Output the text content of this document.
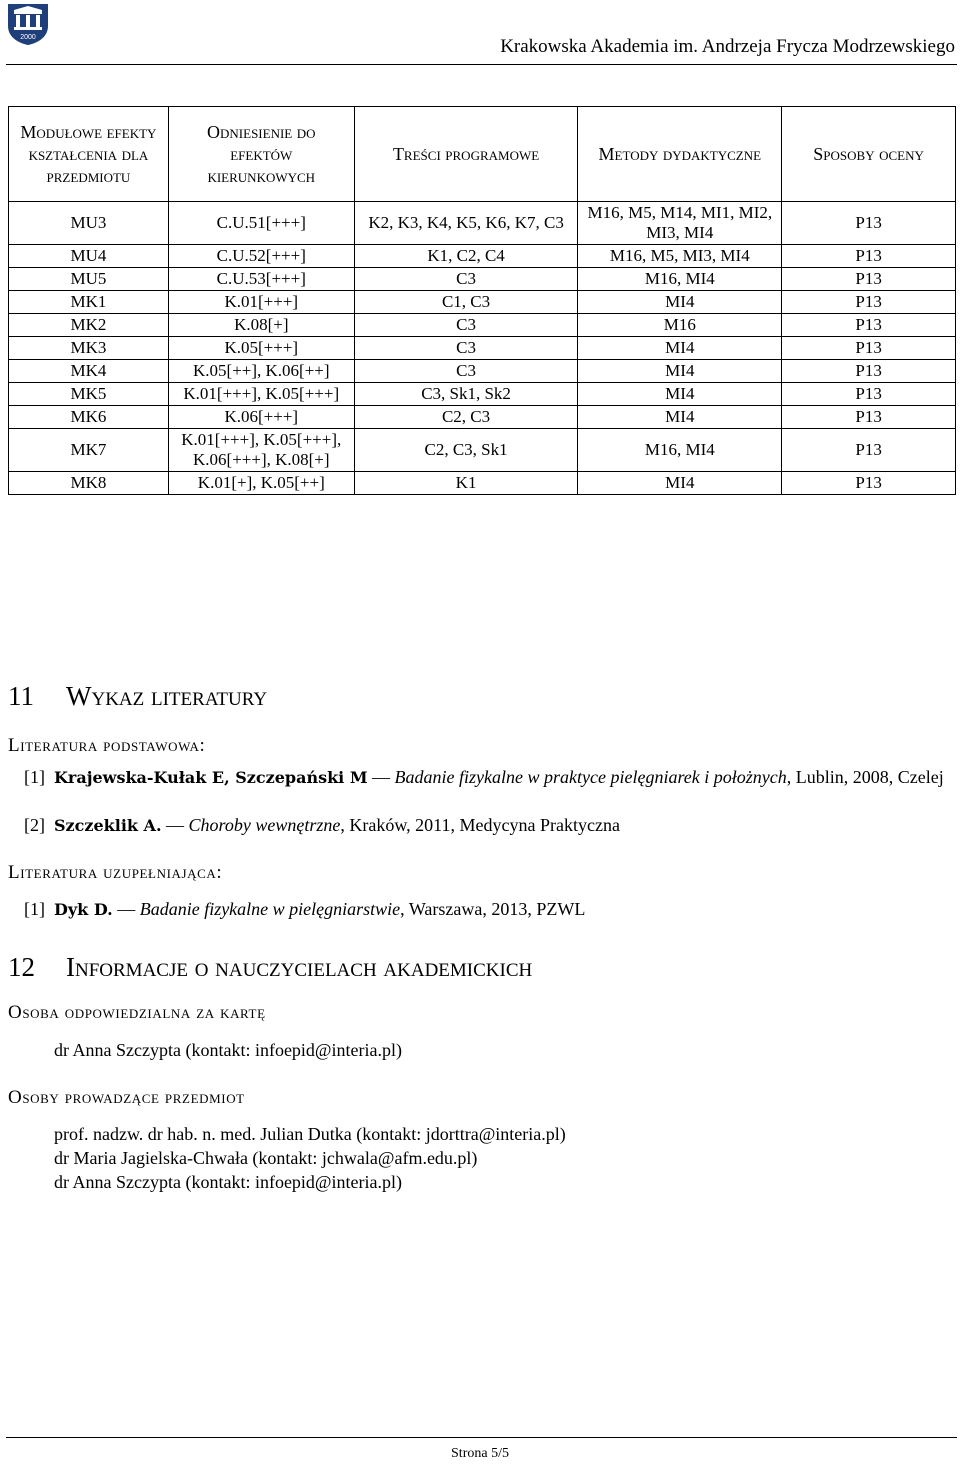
2000	Krakowska Akademia im. Andrzeja Frycza Modrzewskiego
Modułowe efekty kształcenia dla przedmiotu	Odniesienie do efektów kierunkowych	Treści programowe	Metody dydaktyczne	Sposoby oceny
MU3	C.U.51[+++]	K2, K3, K4, K5, K6, K7, C3	M16, M5, M14, MI1, MI2, MI3, MI4	P13
MU4	C.U.52[+++]	K1, C2, C4	M16, M5, MI3, MI4	P13
MU5	C.U.53[+++]	C3	M16, MI4	P13
MK1	K.01[+++]	C1, C3	MI4	P13
MK2	K.08[+]	C3	M16	P13
MK3	K.05[+++]	C3	MI4	P13
MK4	K.05[++], K.06[++]	C3	MI4	P13
MK5	K.01[+++], K.05[+++]	C3, Sk1, Sk2	MI4	P13
MK6	K.06[+++]	C2, C3	MI4	P13
MK7	K.01[+++], K.05[+++], K.06[+++], K.08[+]	C2, C3, Sk1	M16, MI4	P13
MK8	K.01[+], K.05[++]	K1	MI4	P13
11 Wykaz literatury
Literatura podstawowa:
[1] Krajewska-Kułak E, Szczepański M — Badanie fizykalne w praktyce pielęgniarek i położnych, Lublin, 2008, Czelej
[2] Szczeklik A. — Choroby wewnętrzne, Kraków, 2011, Medycyna Praktyczna
Literatura uzupełniająca:
[1] Dyk D. — Badanie fizykalne w pielęgniarstwie, Warszawa, 2013, PZWL
12 Informacje o nauczycielach akademickich
Osoba odpowiedzialna za kartę
dr Anna Szczypta (kontakt: infoepid@interia.pl)
Osoby prowadzące przedmiot
prof. nadzw. dr hab. n. med. Julian Dutka (kontakt: jdorttra@interia.pl)
dr Maria Jagielska-Chwała (kontakt: jchwala@afm.edu.pl)
dr Anna Szczypta (kontakt: infoepid@interia.pl)
Strona 5/5
